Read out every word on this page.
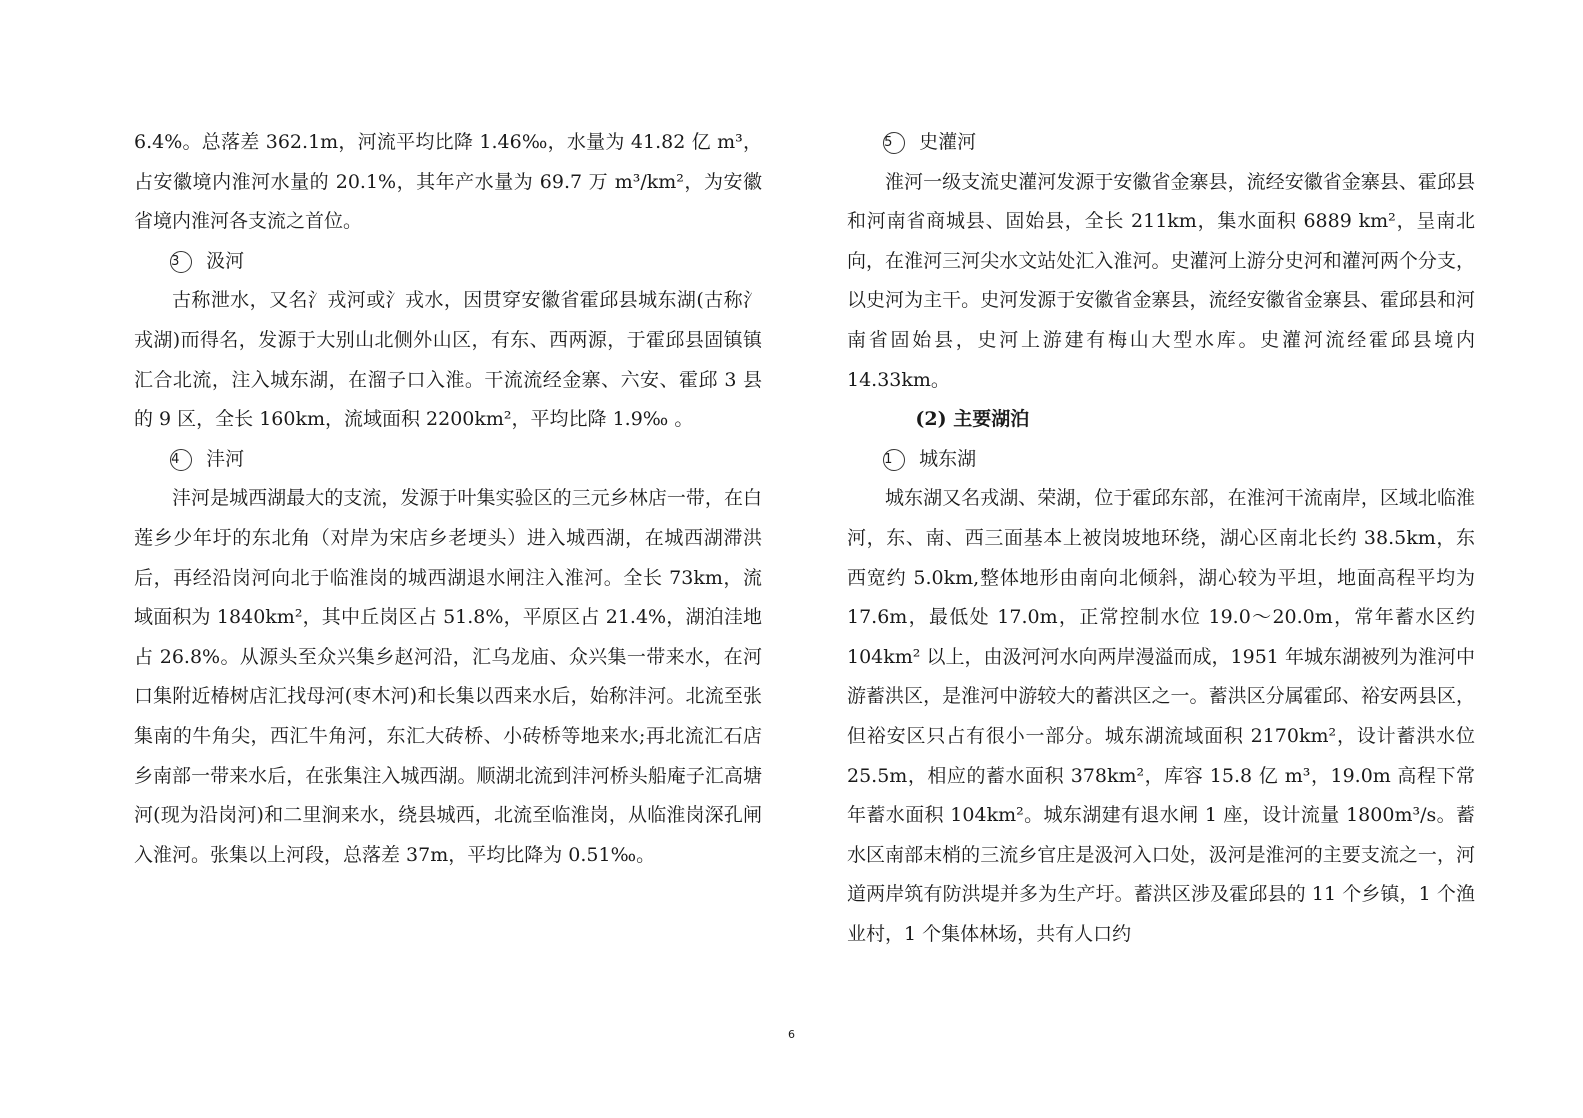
6.4%。总落差 362.1m，河流平均比降 1.46‰，水量为 41.82 亿 m³，占安徽境内淮河水量的 20.1%，其年产水量为 69.7 万 m³/km²，为安徽省境内淮河各支流之首位。

3 汲河

古称泄水，又名氵戎河或氵戎水，因贯穿安徽省霍邱县城东湖(古称氵戎湖)而得名，发源于大别山北侧外山区，有东、西两源，于霍邱县固镇镇汇合北流，注入城东湖，在溜子口入淮。干流流经金寨、六安、霍邱 3 县的 9 区，全长 160km，流域面积 2200km²，平均比降 1.9‰ 。

4 沣河

沣河是城西湖最大的支流，发源于叶集实验区的三元乡林店一带，在白莲乡少年圩的东北角（对岸为宋店乡老埂头）进入城西湖，在城西湖滞洪后，再经沿岗河向北于临淮岗的城西湖退水闸注入淮河。全长 73km，流域面积为 1840km²，其中丘岗区占 51.8%，平原区占 21.4%，湖泊洼地占 26.8%。从源头至众兴集乡赵河沿，汇乌龙庙、众兴集一带来水，在河口集附近椿树店汇找母河(枣木河)和长集以西来水后，始称沣河。北流至张集南的牛角尖，西汇牛角河，东汇大砖桥、小砖桥等地来水;再北流汇石店乡南部一带来水后，在张集注入城西湖。顺湖北流到沣河桥头船庵子汇高塘河(现为沿岗河)和二里涧来水，绕县城西，北流至临淮岗，从临淮岗深孔闸入淮河。张集以上河段，总落差 37m，平均比降为 0.51‰。

5 史灌河

淮河一级支流史灌河发源于安徽省金寨县，流经安徽省金寨县、霍邱县和河南省商城县、固始县，全长 211km，集水面积 6889 km²，呈南北向，在淮河三河尖水文站处汇入淮河。史灌河上游分史河和灌河两个分支，以史河为主干。史河发源于安徽省金寨县，流经安徽省金寨县、霍邱县和河南省固始县，史河上游建有梅山大型水库。史灌河流经霍邱县境内 14.33km。

(2) 主要湖泊

1 城东湖

城东湖又名戎湖、荣湖，位于霍邱东部，在淮河干流南岸，区域北临淮河，东、南、西三面基本上被岗坡地环绕，湖心区南北长约 38.5km，东西宽约 5.0km,整体地形由南向北倾斜，湖心较为平坦，地面高程平均为 17.6m，最低处 17.0m，正常控制水位 19.0～20.0m，常年蓄水区约 104km² 以上，由汲河河水向两岸漫溢而成，1951 年城东湖被列为淮河中游蓄洪区，是淮河中游较大的蓄洪区之一。蓄洪区分属霍邱、裕安两县区，但裕安区只占有很小一部分。城东湖流域面积 2170km²，设计蓄洪水位 25.5m，相应的蓄水面积 378km²，库容 15.8 亿 m³，19.0m 高程下常年蓄水面积 104km²。城东湖建有退水闸 1 座，设计流量 1800m³/s。蓄水区南部末梢的三流乡官庄是汲河入口处，汲河是淮河的主要支流之一，河道两岸筑有防洪堤并多为生产圩。蓄洪区涉及霍邱县的 11 个乡镇，1 个渔业村，1 个集体林场，共有人口约

6
